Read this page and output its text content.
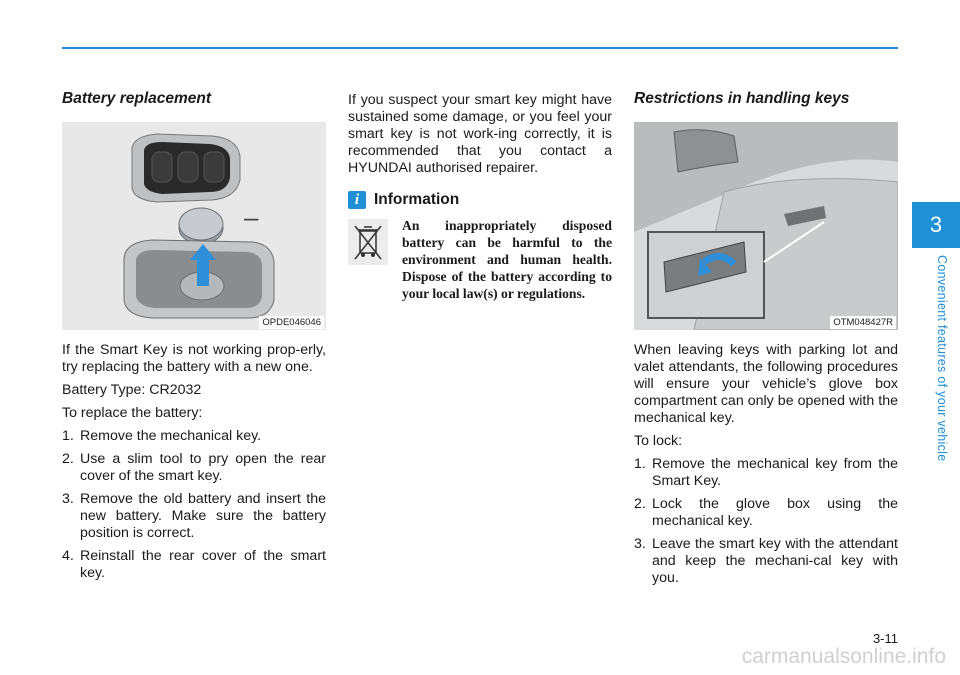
Battery replacement
–
OPDE046046

If the Smart Key is not working prop-erly, try replacing the battery with a new one.

Battery Type: CR2032

To replace the battery:

1. Remove the mechanical key.
2. Use a slim tool to pry open the rear cover of the smart key.
3. Remove the old battery and insert the new battery. Make sure the battery position is correct.
4. Reinstall the rear cover of the smart key.

If you suspect your smart key might have sustained some damage, or you feel your smart key is not work-ing correctly, it is recommended that you contact a HYUNDAI authorised repairer.

i Information
An inappropriately disposed battery can be harmful to the environment and human health. Dispose of the battery according to your local law(s) or regulations.
Restrictions in handling keys
OTM048427R

When leaving keys with parking lot and valet attendants, the following procedures will ensure your vehicle’s glove box compartment can only be opened with the mechanical key.

To lock:

1. Remove the mechanical key from the Smart Key.
2. Lock the glove box using the mechanical key.
3. Leave the smart key with the attendant and keep the mechani-cal key with you.
3
Convenient features of your vehicle
3-11
carmanualsonline.info
